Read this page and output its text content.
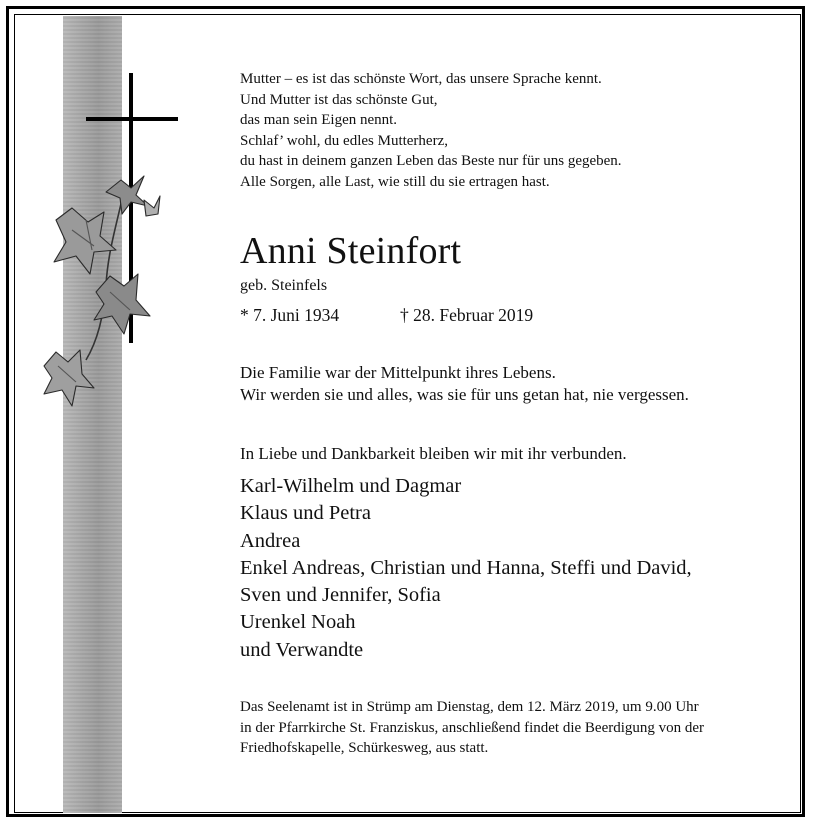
Mutter – es ist das schönste Wort, das unsere Sprache kennt.
Und Mutter ist das schönste Gut,
das man sein Eigen nennt.
Schlaf’ wohl, du edles Mutterherz,
du hast in deinem ganzen Leben das Beste nur für uns gegeben.
Alle Sorgen, alle Last, wie still du sie ertragen hast.
Anni Steinfort
geb. Steinfels
* 7. Juni 1934	† 28. Februar 2019
Die Familie war der Mittelpunkt ihres Lebens.
Wir werden sie und alles, was sie für uns getan hat, nie vergessen.
In Liebe und Dankbarkeit bleiben wir mit ihr verbunden.
Karl-Wilhelm und Dagmar
Klaus und Petra
Andrea
Enkel Andreas, Christian und Hanna, Steffi und David,
Sven und Jennifer, Sofia
Urenkel Noah
und Verwandte
Das Seelenamt ist in Strümp am Dienstag, dem 12. März 2019, um 9.00 Uhr
in der Pfarrkirche St. Franziskus, anschließend findet die Beerdigung von der
Friedhofskapelle, Schürkesweg, aus statt.
